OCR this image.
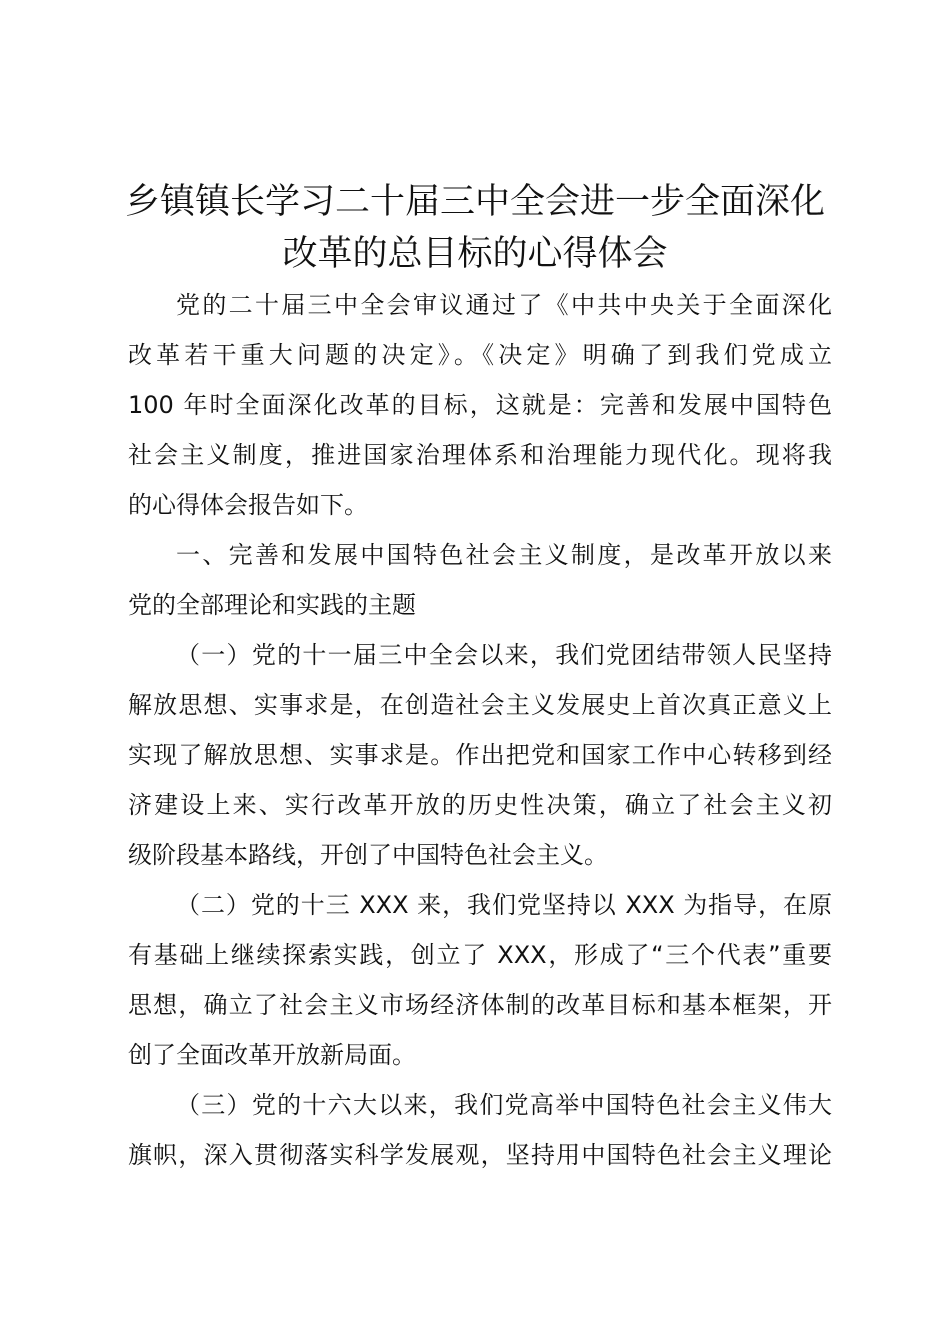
乡镇镇长学习二十届三中全会进一步全面深化
改革的总目标的心得体会
党的二十届三中全会审议通过了《中共中央关于全面深化
改革若干重大问题的决定》。《决定》明确了到我们党成立
100 年时全面深化改革的目标，这就是：完善和发展中国特色
社会主义制度，推进国家治理体系和治理能力现代化。现将我
的心得体会报告如下。
一、完善和发展中国特色社会主义制度，是改革开放以来
党的全部理论和实践的主题
（一）党的十一届三中全会以来，我们党团结带领人民坚持
解放思想、实事求是，在创造社会主义发展史上首次真正意义上
实现了解放思想、实事求是。作出把党和国家工作中心转移到经
济建设上来、实行改革开放的历史性决策，确立了社会主义初
级阶段基本路线，开创了中国特色社会主义。
（二）党的十三 XXX 来，我们党坚持以 XXX 为指导，在原
有基础上继续探索实践，创立了 XXX，形成了“三个代表”重要
思想，确立了社会主义市场经济体制的改革目标和基本框架，开
创了全面改革开放新局面。
（三）党的十六大以来，我们党高举中国特色社会主义伟大
旗帜，深入贯彻落实科学发展观，坚持用中国特色社会主义理论
